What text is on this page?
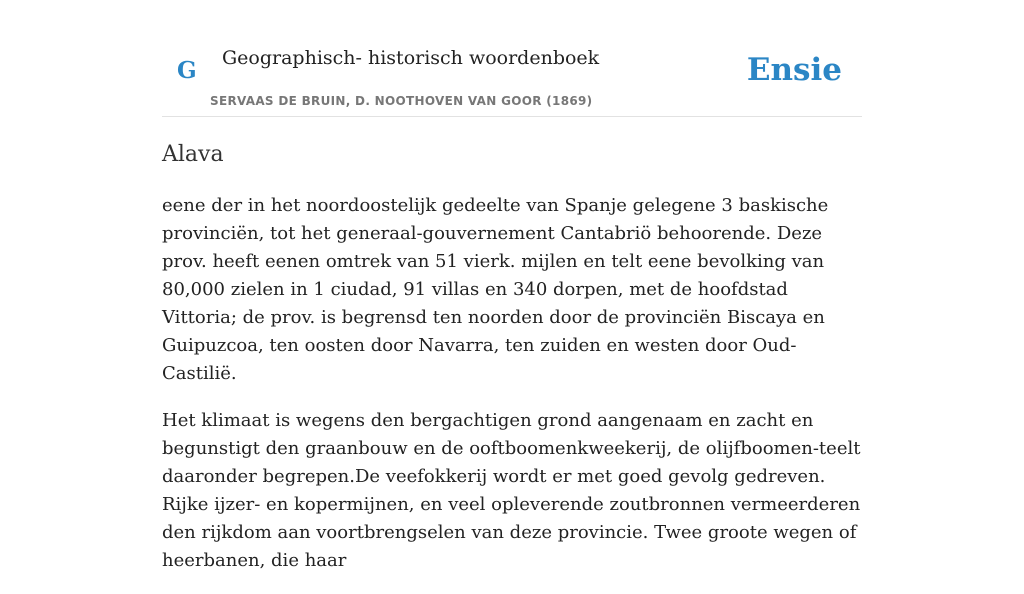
G Geographisch- historisch woordenboek
SERVAAS DE BRUIN, D. NOOTHOVEN VAN GOOR (1869)
Ensie
Alava

eene der in het noordoostelijk gedeelte van Spanje gelegene 3 baskische provinciën, tot het generaal-gouvernement Cantabriö behoorende. Deze prov. heeft eenen omtrek van 51 vierk. mijlen en telt eene bevolking van 80,000 zielen in 1 ciudad, 91 villas en 340 dorpen, met de hoofdstad Vittoria; de prov. is begrensd ten noorden door de provinciën Biscaya en Guipuzcoa, ten oosten door Navarra, ten zuiden en westen door Oud-Castilië.

Het klimaat is wegens den bergachtigen grond aangenaam en zacht en begunstigt den graanbouw en de ooftboomenkweekerij, de olijfboomen-teelt daaronder begrepen.De veefokkerij wordt er met goed gevolg gedreven. Rijke ijzer- en kopermijnen, en veel opleverende zoutbronnen vermeerderen den rijkdom aan voortbrengselen van deze provincie. Twee groote wegen of heerbanen, die haar
